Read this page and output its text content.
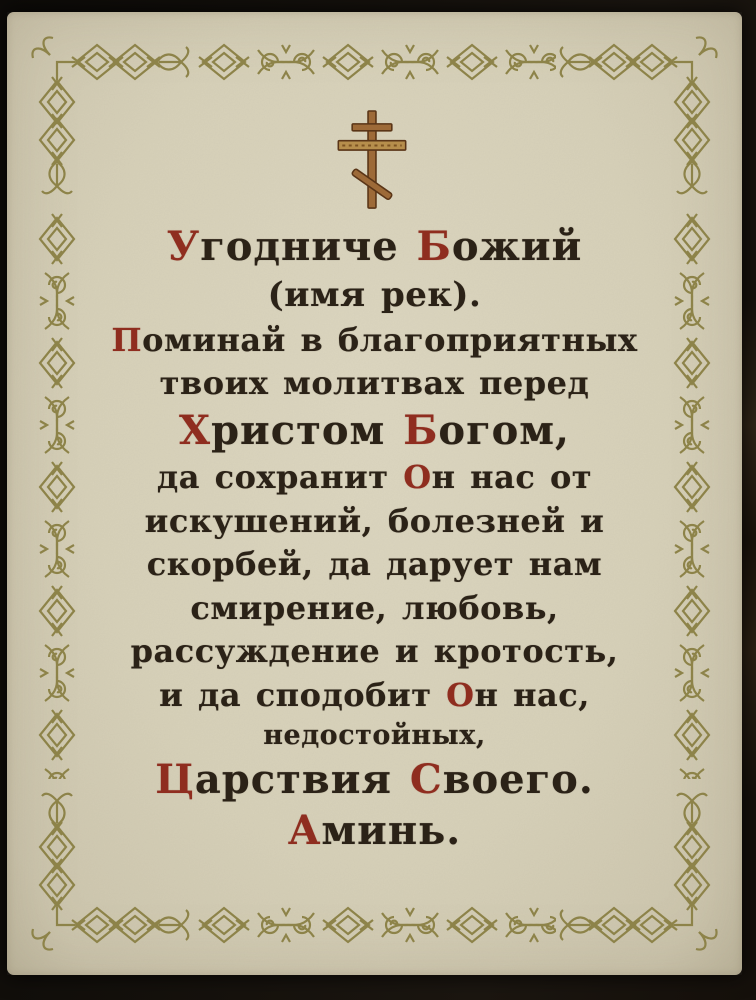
Угодниче Божий
(имя рек).
Поминай в благоприятных
твоих молитвах перед
Христом Богом,
да сохранит Он нас от
искушений, болезней и
скорбей, да дарует нам
смирение, любовь,
рассуждение и кротость,
и да сподобит Он нас,
недостойных,
Царствия Своего.
Аминь.
